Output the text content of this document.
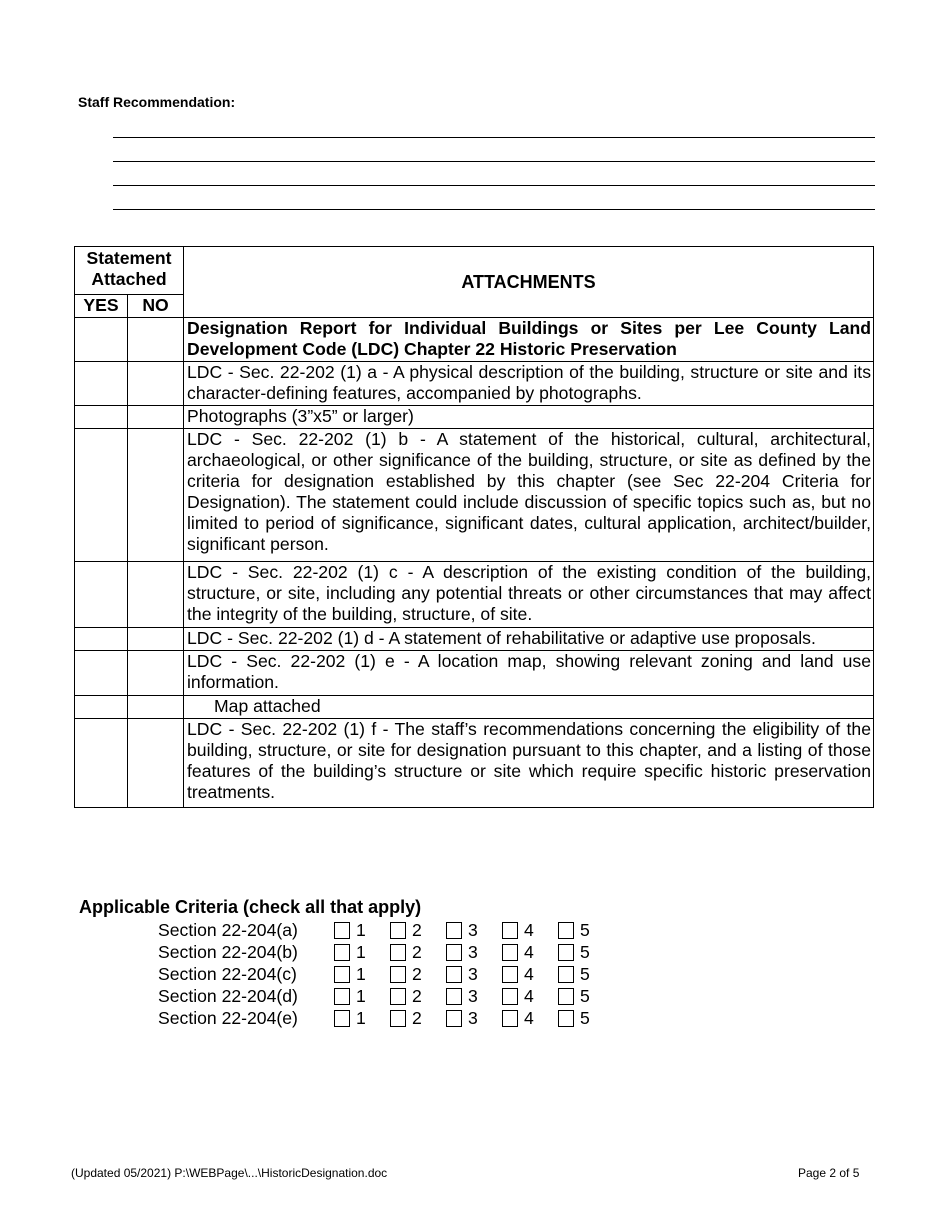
Staff Recommendation:
Statement Attached		ATTACHMENTS
YES	NO	
		Designation Report for Individual Buildings or Sites per Lee County Land Development Code (LDC) Chapter 22 Historic Preservation
		LDC - Sec. 22-202 (1) a - A physical description of the building, structure or site and its character-defining features, accompanied by photographs.
		Photographs (3”x5” or larger)
		LDC - Sec. 22-202 (1) b - A statement of the historical, cultural, architectural, archaeological, or other significance of the building, structure, or site as defined by the criteria for designation established by this chapter (see Sec 22-204 Criteria for Designation). The statement could include discussion of specific topics such as, but no limited to period of significance, significant dates, cultural application, architect/builder, significant person.
		LDC - Sec. 22-202 (1) c - A description of the existing condition of the building, structure, or site, including any potential threats or other circumstances that may affect the integrity of the building, structure, of site.
		LDC - Sec. 22-202 (1) d - A statement of rehabilitative or adaptive use proposals.
		LDC - Sec. 22-202 (1) e - A location map, showing relevant zoning and land use information.
		Map attached
		LDC - Sec. 22-202 (1) f - The staff’s recommendations concerning the eligibility of the building, structure, or site for designation pursuant to this chapter, and a listing of those features of the building’s structure or site which require specific historic preservation treatments.
Applicable Criteria (check all that apply)
Section 22-204(a)	1	2	3	4	5
Section 22-204(b)	1	2	3	4	5
Section 22-204(c)	1	2	3	4	5
Section 22-204(d)	1	2	3	4	5
Section 22-204(e)	1	2	3	4	5
(Updated 05/2021) P:\WEBPage\...\HistoricDesignation.doc	Page 2 of 5
